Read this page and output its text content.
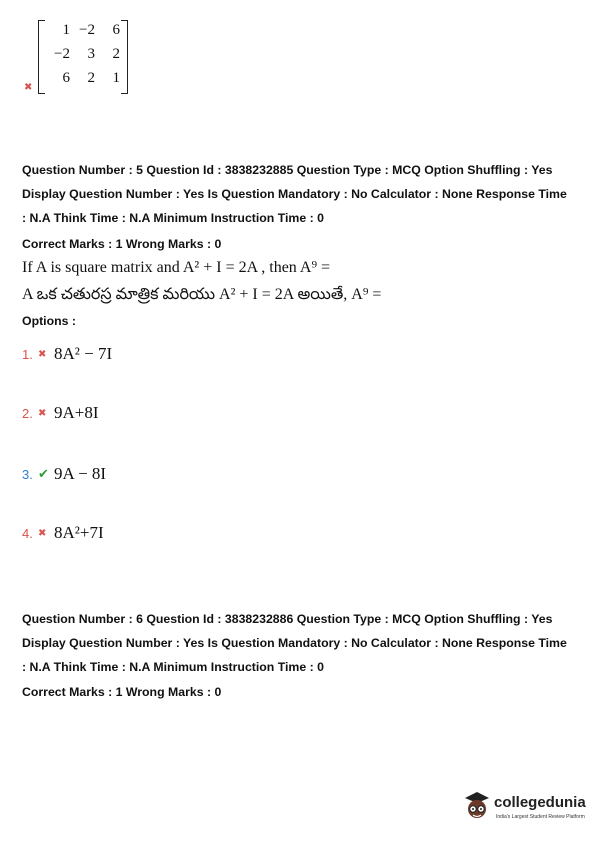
1 −2	6
−2	3	2
6	2	1
✖
Question Number : 5 Question Id : 3838232885 Question Type : MCQ Option Shuffling : Yes
Display Question Number : Yes Is Question Mandatory : No Calculator : None Response Time
: N.A Think Time : N.A Minimum Instruction Time : 0
Correct Marks : 1 Wrong Marks : 0
If A is square matrix and A² + I = 2A , then A⁹ =
A ఒక చతురస్ర మాత్రిక మరియు A² + I = 2A అయితే, A⁹ =
Options :
1. ✖ 8A² − 7I
2. ✖ 9A+8I
3. ✔ 9A − 8I
4. ✖ 8A²+7I
Question Number : 6 Question Id : 3838232886 Question Type : MCQ Option Shuffling : Yes
Display Question Number : Yes Is Question Mandatory : No Calculator : None Response Time
: N.A Think Time : N.A Minimum Instruction Time : 0
Correct Marks : 1 Wrong Marks : 0
collegedunia
India's Largest Student Review Platform
